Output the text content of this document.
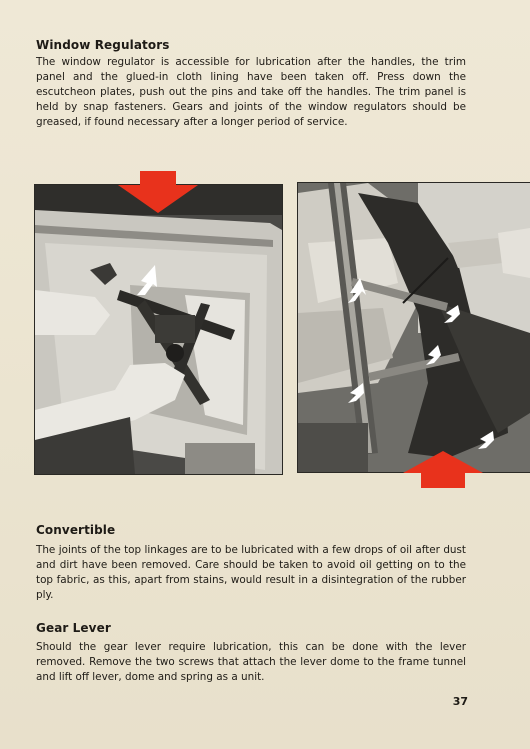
Window Regulators
The window regulator is accessible for lubrication after the handles, the trim panel and the glued-in cloth lining have been taken off. Press down the escutcheon plates, push out the pins and take off the handles. The trim panel is held by snap fasteners. Gears and joints of the window regulators should be greased, if found necessary after a longer period of service.
Convertible
The joints of the top linkages are to be lubricated with a few drops of oil after dust and dirt have been removed. Care should be taken to avoid oil getting on to the top fabric, as this, apart from stains, would result in a disintegration of the rubber ply.
Gear Lever
Should the gear lever require lubrication, this can be done with the lever removed. Remove the two screws that attach the lever dome to the frame tunnel and lift off lever, dome and spring as a unit.
37
